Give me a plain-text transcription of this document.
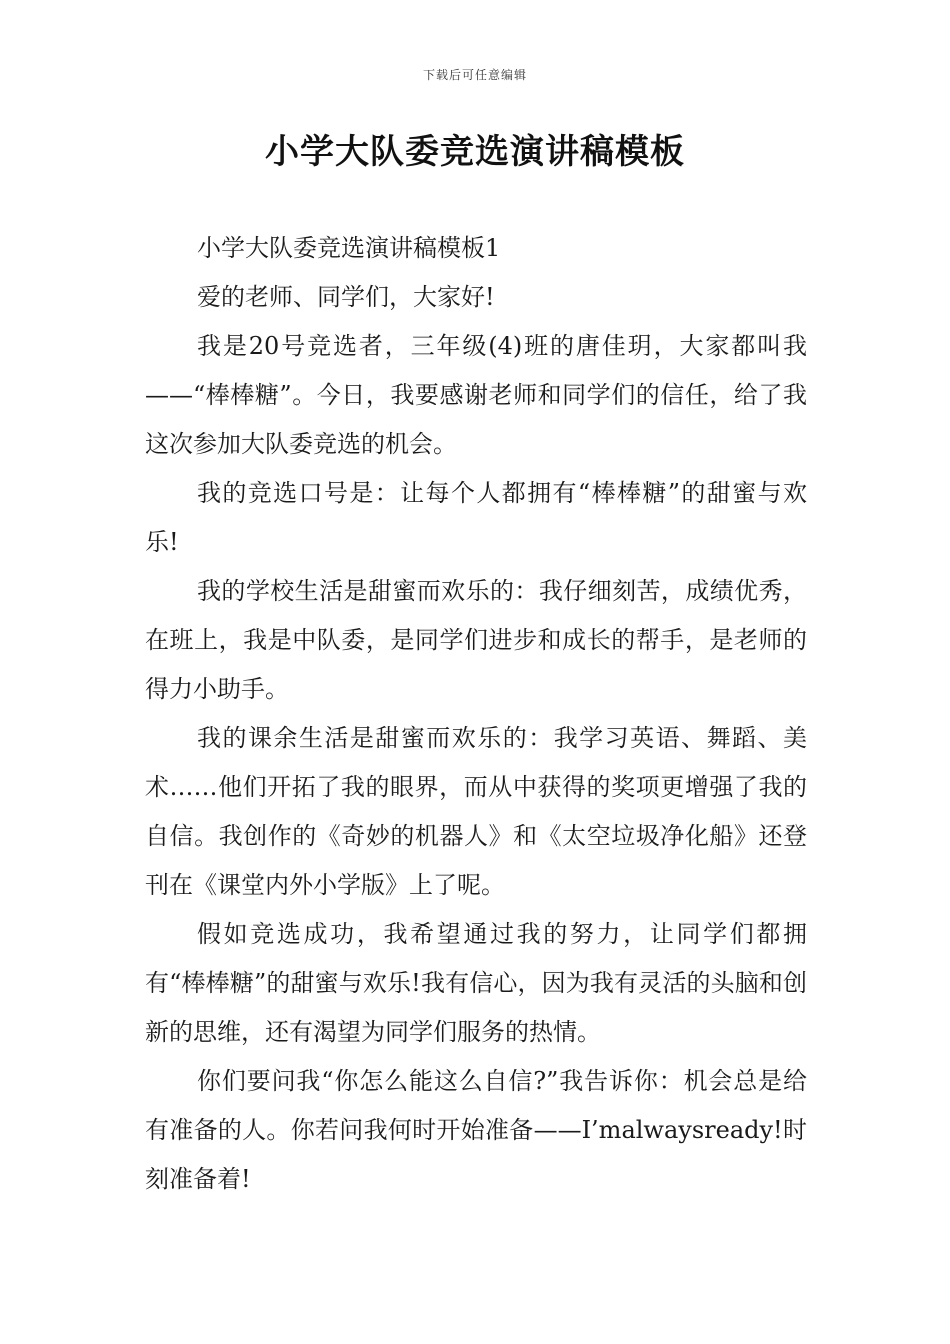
下载后可任意编辑
小学大队委竞选演讲稿模板

小学大队委竞选演讲稿模板1

爱的老师、同学们，大家好!

我是20号竞选者，三年级(4)班的唐佳玥，大家都叫我——“棒棒糖”。今日，我要感谢老师和同学们的信任，给了我这次参加大队委竞选的机会。

我的竞选口号是：让每个人都拥有“棒棒糖”的甜蜜与欢乐!

我的学校生活是甜蜜而欢乐的：我仔细刻苦，成绩优秀，在班上，我是中队委，是同学们进步和成长的帮手，是老师的得力小助手。

我的课余生活是甜蜜而欢乐的：我学习英语、舞蹈、美术……他们开拓了我的眼界，而从中获得的奖项更增强了我的自信。我创作的《奇妙的机器人》和《太空垃圾净化船》还登刊在《课堂内外小学版》上了呢。

假如竞选成功，我希望通过我的努力，让同学们都拥有“棒棒糖”的甜蜜与欢乐!我有信心，因为我有灵活的头脑和创新的思维，还有渴望为同学们服务的热情。

你们要问我“你怎么能这么自信?”我告诉你：机会总是给有准备的人。你若问我何时开始准备——I’malwaysready!时刻准备着!
